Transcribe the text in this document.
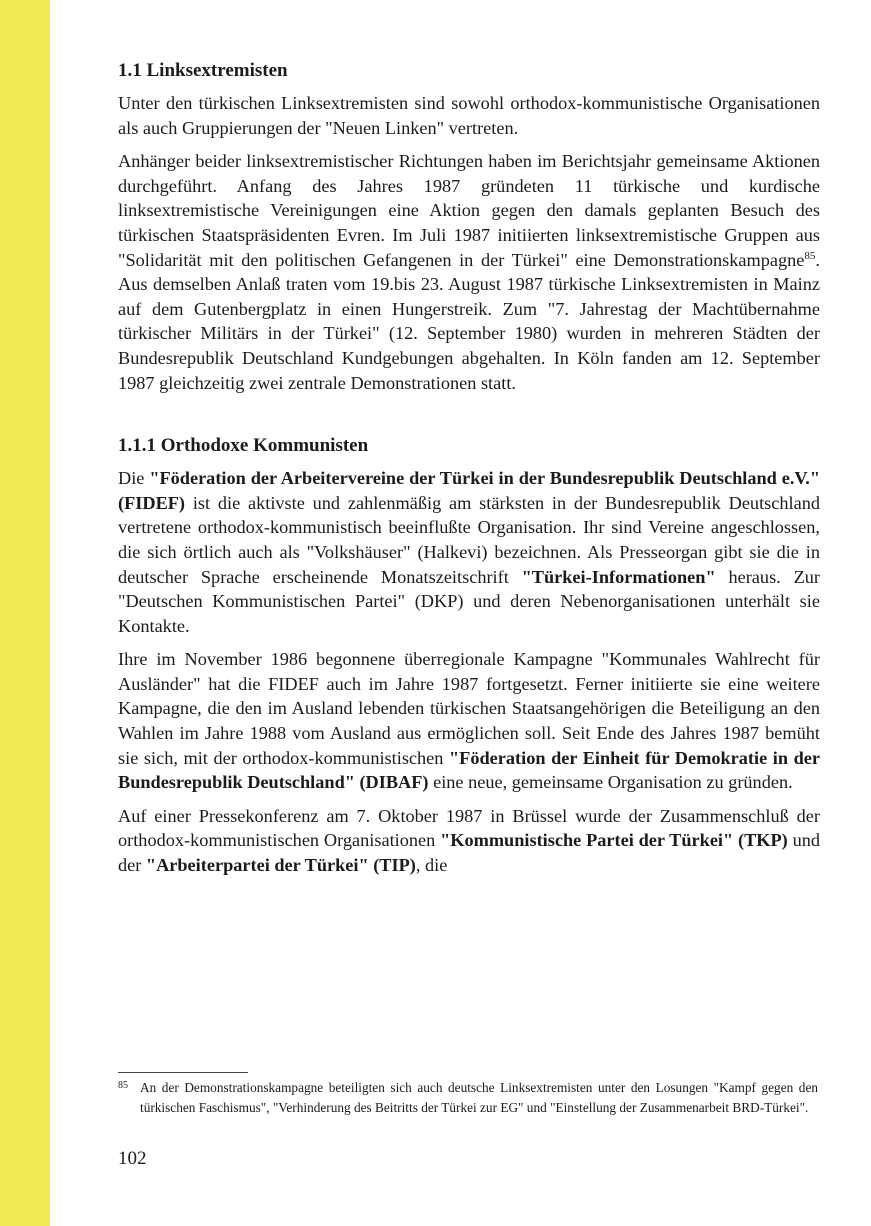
1.1 Linksextremisten

Unter den türkischen Linksextremisten sind sowohl orthodox-kommunistische Organisationen als auch Gruppierungen der "Neuen Linken" vertreten.

Anhänger beider linksextremistischer Richtungen haben im Berichtsjahr gemeinsame Aktionen durchgeführt. Anfang des Jahres 1987 gründeten 11 türkische und kurdische linksextremistische Vereinigungen eine Aktion gegen den damals geplanten Besuch des türkischen Staatspräsidenten Evren. Im Juli 1987 initiierten linksextremistische Gruppen aus "Solidarität mit den politischen Gefangenen in der Türkei" eine Demonstrationskampagne$^{85}$. Aus demselben Anlaß traten vom 19.bis 23. August 1987 türkische Linksextremisten in Mainz auf dem Gutenbergplatz in einen Hungerstreik. Zum "7. Jahrestag der Machtübernahme türkischer Militärs in der Türkei" (12. September 1980) wurden in mehreren Städten der Bundesrepublik Deutschland Kundgebungen abgehalten. In Köln fanden am 12. September 1987 gleichzeitig zwei zentrale Demonstrationen statt.

1.1.1 Orthodoxe Kommunisten

Die "Föderation der Arbeitervereine der Türkei in der Bundesrepublik Deutschland e.V." (FIDEF) ist die aktivste und zahlenmäßig am stärksten in der Bundesrepublik Deutschland vertretene orthodox-kommunistisch beeinflußte Organisation. Ihr sind Vereine angeschlossen, die sich örtlich auch als "Volkshäuser" (Halkevi) bezeichnen. Als Presseorgan gibt sie die in deutscher Sprache erscheinende Monatszeitschrift "Türkei-Informationen" heraus. Zur "Deutschen Kommunistischen Partei" (DKP) und deren Nebenorganisationen unterhält sie Kontakte.

Ihre im November 1986 begonnene überregionale Kampagne "Kommunales Wahlrecht für Ausländer" hat die FIDEF auch im Jahre 1987 fortgesetzt. Ferner initiierte sie eine weitere Kampagne, die den im Ausland lebenden türkischen Staatsangehörigen die Beteiligung an den Wahlen im Jahre 1988 vom Ausland aus ermöglichen soll. Seit Ende des Jahres 1987 bemüht sie sich, mit der orthodox-kommunistischen "Föderation der Einheit für Demokratie in der Bundesrepublik Deutschland" (DIBAF) eine neue, gemeinsame Organisation zu gründen.

Auf einer Pressekonferenz am 7. Oktober 1987 in Brüssel wurde der Zusammenschluß der orthodox-kommunistischen Organisationen "Kommunistische Partei der Türkei" (TKP) und der "Arbeiterpartei der Türkei" (TIP), die

85 An der Demonstrationskampagne beteiligten sich auch deutsche Linksextremisten unter den Losungen "Kampf gegen den türkischen Faschismus", "Verhinderung des Beitritts der Türkei zur EG" und "Einstellung der Zusammenarbeit BRD-Türkei".
102
